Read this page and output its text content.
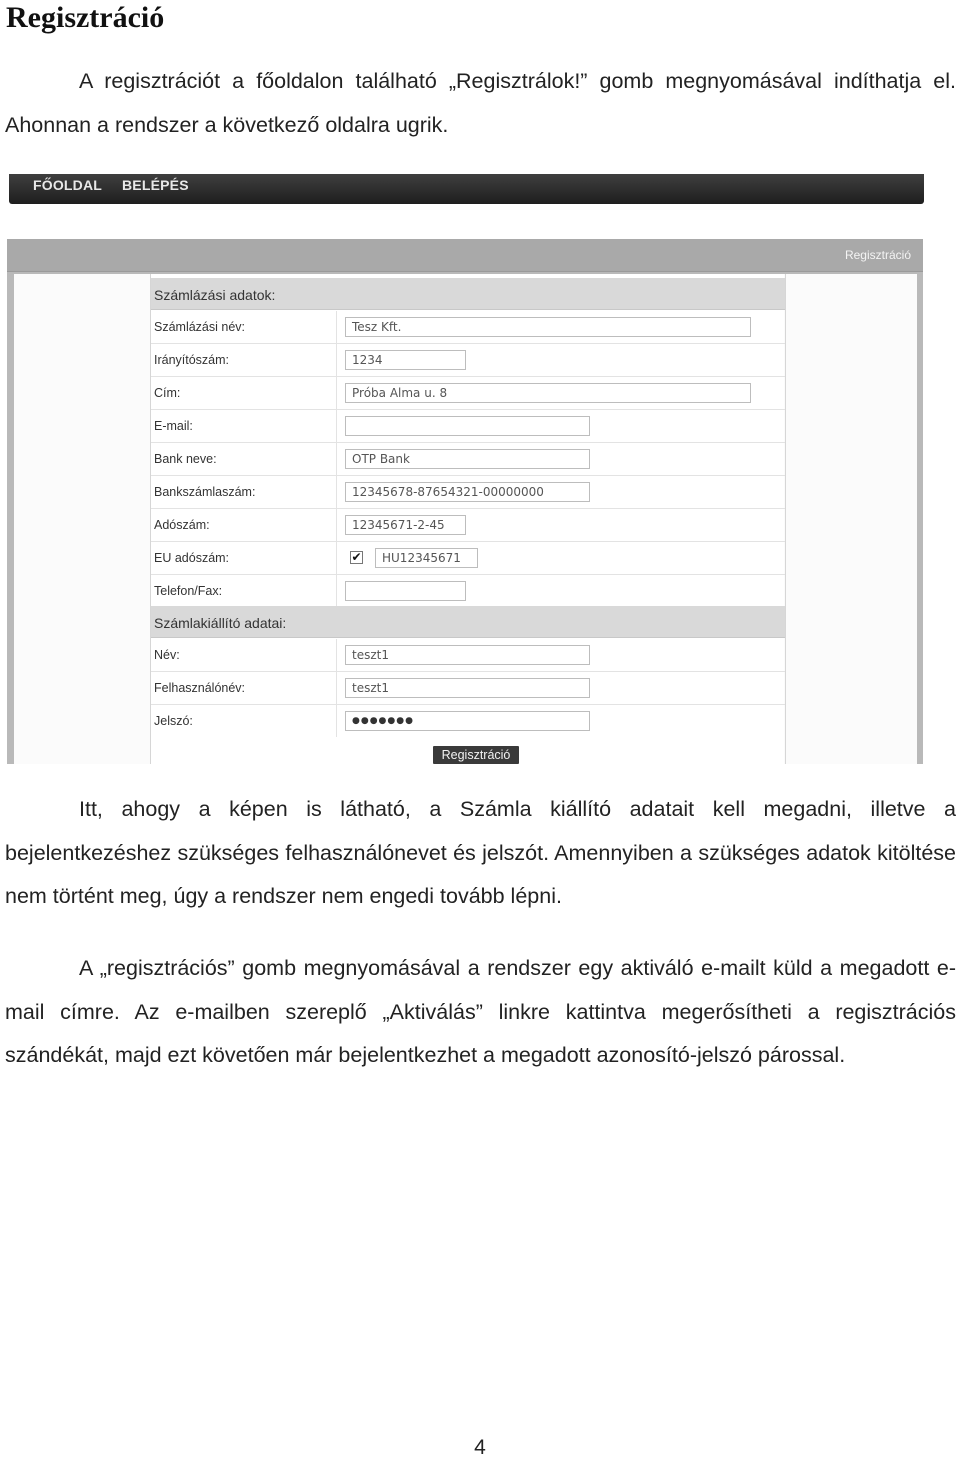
Regisztráció

A regisztrációt a főoldalon található „Regisztrálok!” gomb megnyomásával indíthatja el. Ahonnan a rendszer a következő oldalra ugrik.

FŐOLDAL BELÉPÉS
Regisztráció
Számlázási adatok:
Számlázási név:	Tesz Kft.
Irányítószám:	1234
Cím:	Próba Alma u. 8
E-mail:
Bank neve:	OTP Bank
Bankszámlaszám:	12345678-87654321-00000000
Adószám:	12345671-2-45
EU adószám:	✔	HU12345671
Telefon/Fax:
Számlakiállító adatai:
Név:	teszt1
Felhasználónév:	teszt1
Jelszó:	●●●●●●●
Regisztráció

Itt, ahogy a képen is látható, a Számla kiállító adatait kell megadni, illetve a bejelentkezéshez szükséges felhasználónevet és jelszót. Amennyiben a szükséges adatok kitöltése nem történt meg, úgy a rendszer nem engedi tovább lépni.

A „regisztrációs” gomb megnyomásával a rendszer egy aktiváló e-mailt küld a megadott e-mail címre. Az e-mailben szereplő „Aktiválás” linkre kattintva megerősítheti a regisztrációs szándékát, majd ezt követően már bejelentkezhet a megadott azonosító-jelszó párossal.

4
